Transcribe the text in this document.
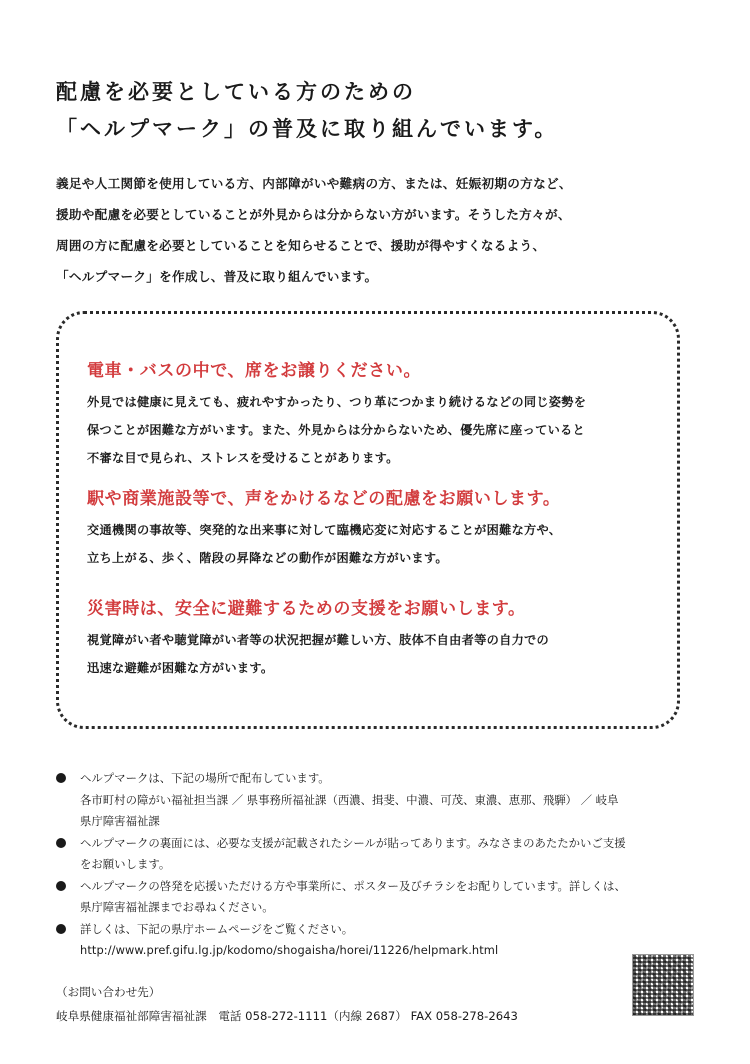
配慮を必要としている方のための
「ヘルプマーク」の普及に取り組んでいます。
義足や人工関節を使用している方、内部障がいや難病の方、または、妊娠初期の方など、
援助や配慮を必要としていることが外見からは分からない方がいます。そうした方々が、
周囲の方に配慮を必要としていることを知らせることで、援助が得やすくなるよう、
「ヘルプマーク」を作成し、普及に取り組んでいます。
電車・バスの中で、席をお譲りください。
外見では健康に見えても、疲れやすかったり、つり革につかまり続けるなどの同じ姿勢を
保つことが困難な方がいます。また、外見からは分からないため、優先席に座っていると
不審な目で見られ、ストレスを受けることがあります。
駅や商業施設等で、声をかけるなどの配慮をお願いします。
交通機関の事故等、突発的な出来事に対して臨機応変に対応することが困難な方や、
立ち上がる、歩く、階段の昇降などの動作が困難な方がいます。
災害時は、安全に避難するための支援をお願いします。
視覚障がい者や聴覚障がい者等の状況把握が難しい方、肢体不自由者等の自力での
迅速な避難が困難な方がいます。
ヘルプマークは、下記の場所で配布しています。
各市町村の障がい福祉担当課 ／ 県事務所福祉課（西濃、揖斐、中濃、可茂、東濃、恵那、飛騨） ／ 岐阜
県庁障害福祉課
ヘルプマークの裏面には、必要な支援が記載されたシールが貼ってあります。みなさまのあたたかいご支援
をお願いします。
ヘルプマークの啓発を応援いただける方や事業所に、ポスター及びチラシをお配りしています。詳しくは、
県庁障害福祉課までお尋ねください。
詳しくは、下記の県庁ホームページをご覧ください。
http://www.pref.gifu.lg.jp/kodomo/shogaisha/horei/11226/helpmark.html
（お問い合わせ先）
岐阜県健康福祉部障害福祉課　電話 058-272-1111（内線 2687） FAX 058-278-2643
